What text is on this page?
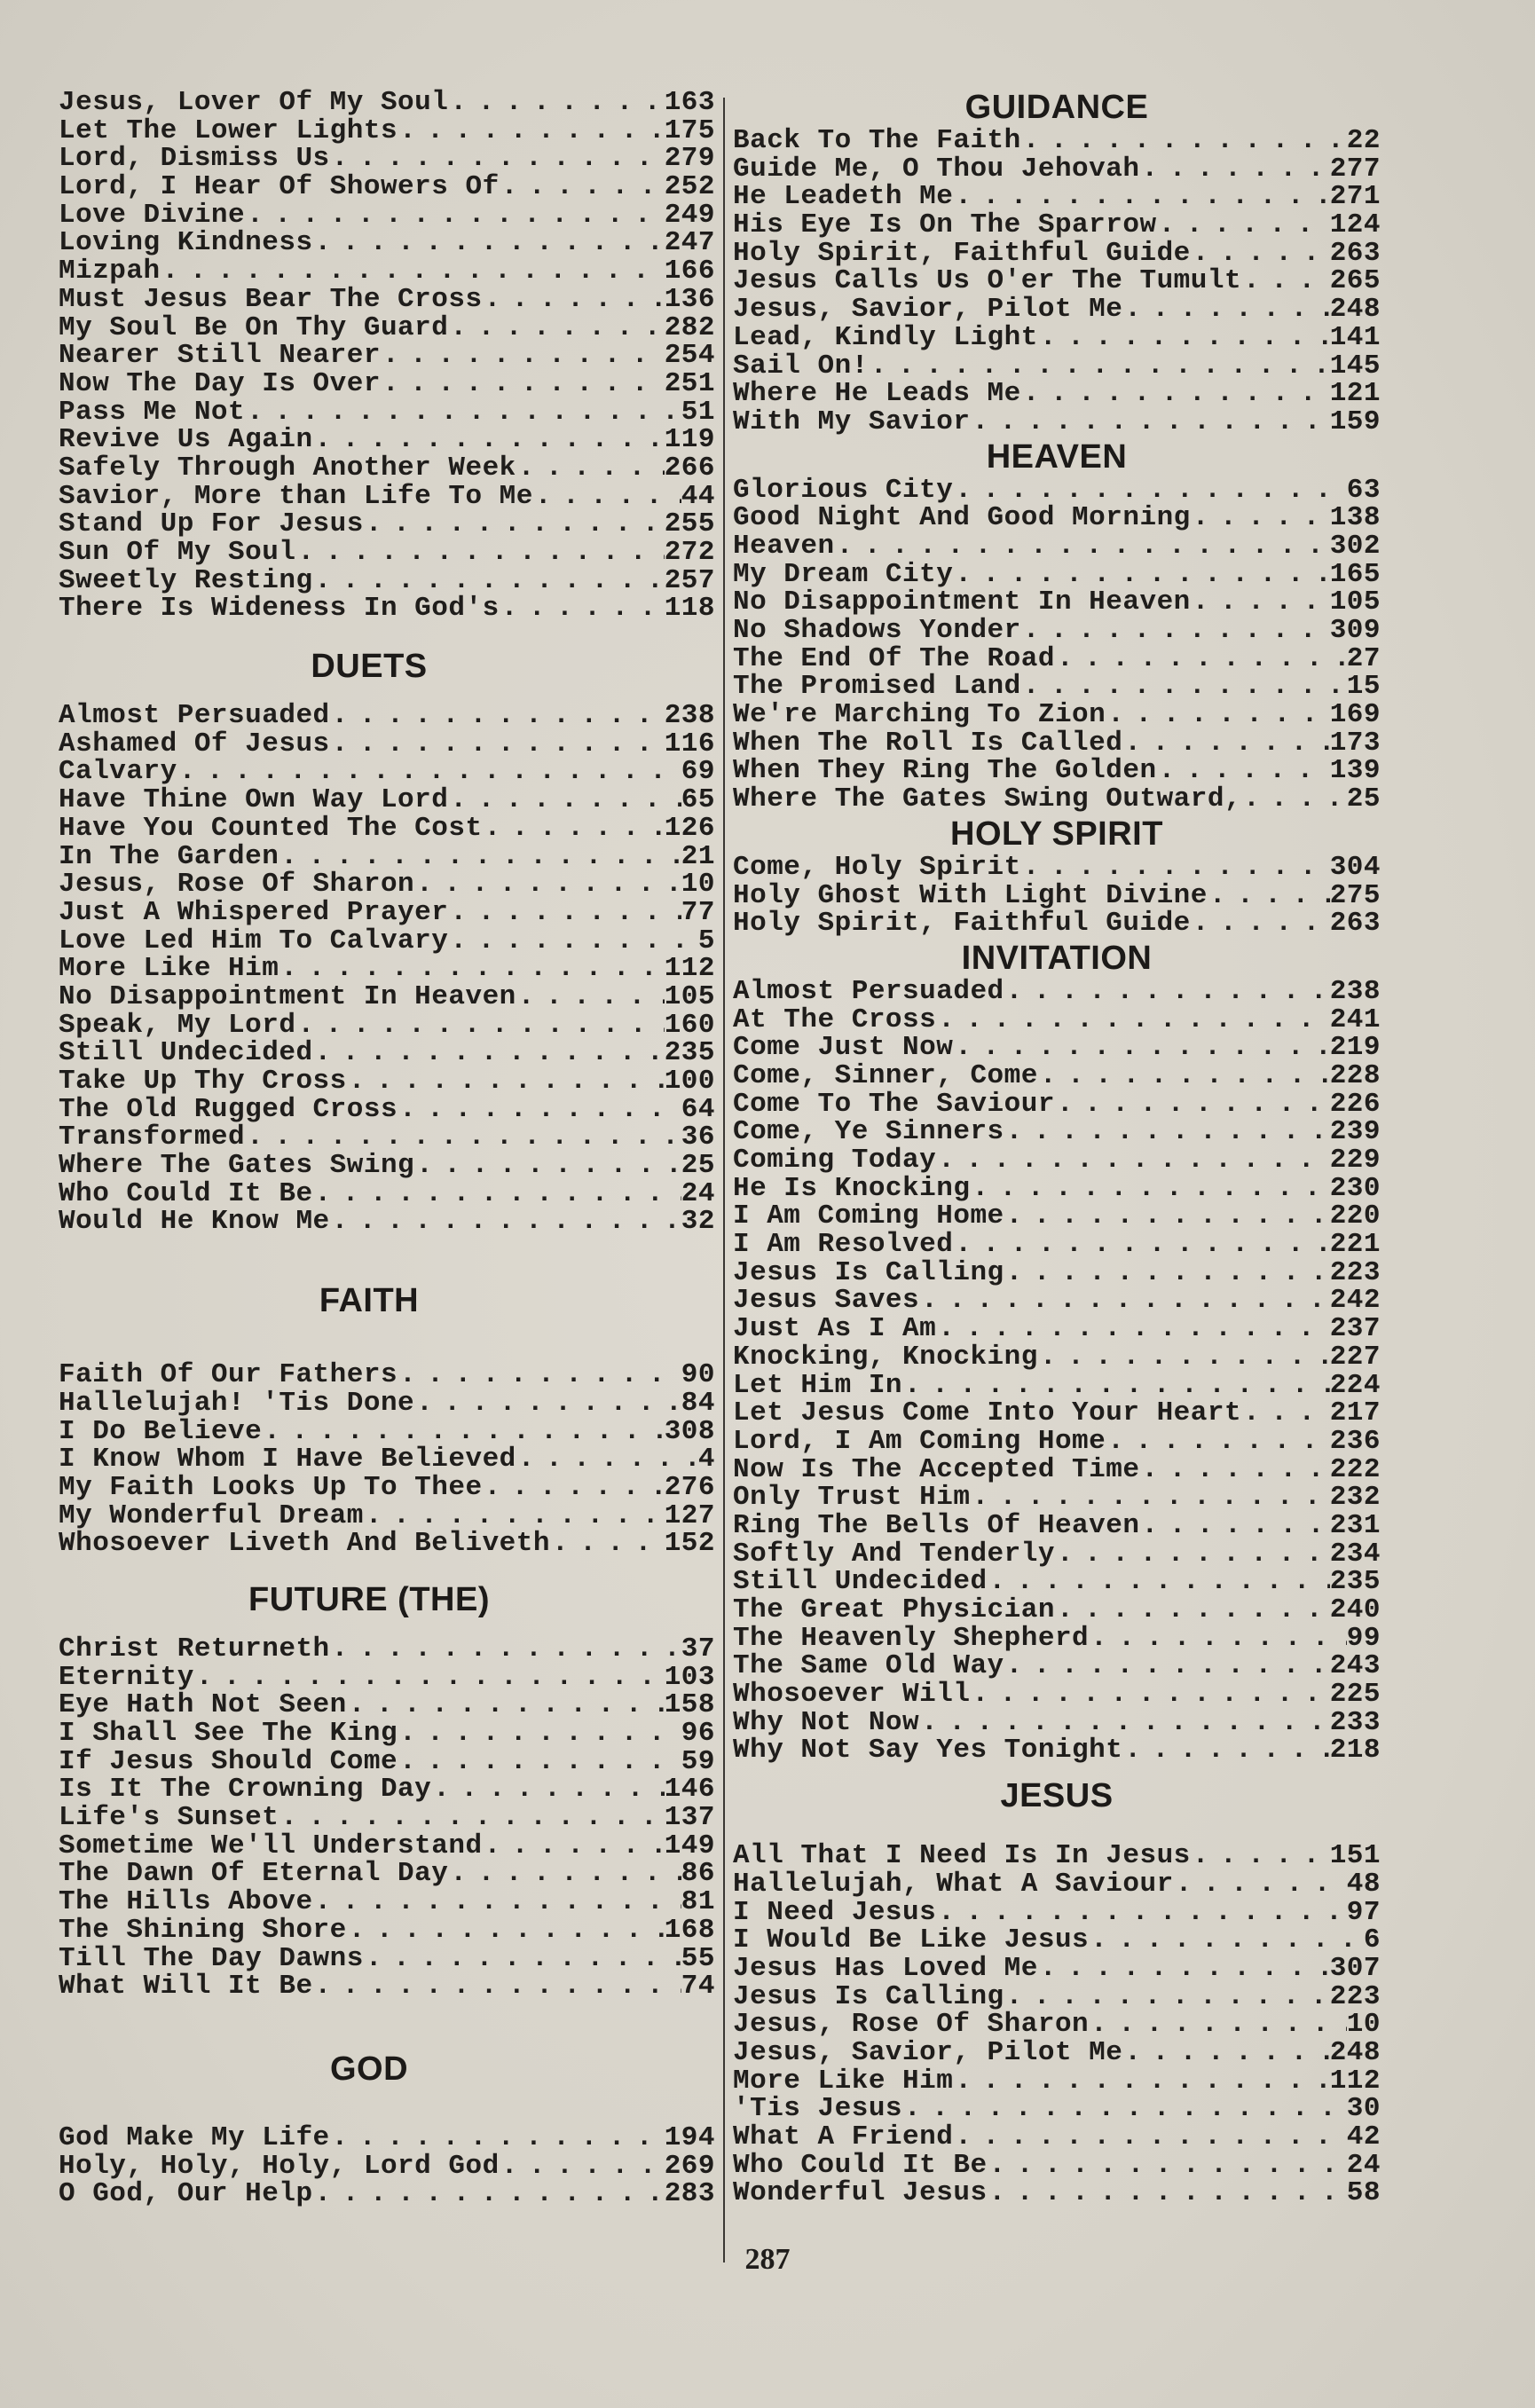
Jesus, Lover Of My Soul . . .	163
Let The Lower Lights . . .	175
Lord, Dismiss Us . . .	279
Lord, I Hear Of Showers Of . . .	252
Love Divine . . .	249
Loving Kindness . . .	247
Mizpah . . .	166
Must Jesus Bear The Cross . . .	136
My Soul Be On Thy Guard . . .	282
Nearer Still Nearer . . .	254
Now The Day Is Over . . .	251
Pass Me Not . . .	51
Revive Us Again . . .	119
Safely Through Another Week . . .	266
Savior, More than Life To Me . . .	44
Stand Up For Jesus . . .	255
Sun Of My Soul . . .	272
Sweetly Resting . . .	257
There Is Wideness In God's . . .	118
DUETS
Almost Persuaded . . .	238
Ashamed Of Jesus . . .	116
Calvary . . .	69
Have Thine Own Way Lord . . .	65
Have You Counted The Cost . . .	126
In The Garden . . .	21
Jesus, Rose Of Sharon . . .	10
Just A Whispered Prayer . . .	77
Love Led Him To Calvary . . .	5
More Like Him . . .	112
No Disappointment In Heaven . . .	105
Speak, My Lord . . .	160
Still Undecided . . .	235
Take Up Thy Cross . . .	100
The Old Rugged Cross . . .	64
Transformed . . .	36
Where The Gates Swing . . .	25
Who Could It Be . . .	24
Would He Know Me . . .	32
FAITH
Faith Of Our Fathers . . .	90
Hallelujah! 'Tis Done . . .	84
I Do Believe . . .	308
I Know Whom I Have Believed . . .	4
My Faith Looks Up To Thee . . .	276
My Wonderful Dream . . .	127
Whosoever Liveth And Beliveth . . .	152
FUTURE (THE)
Christ Returneth . . .	37
Eternity . . .	103
Eye Hath Not Seen . . .	158
I Shall See The King . . .	96
If Jesus Should Come . . .	59
Is It The Crowning Day . . .	146
Life's Sunset . . .	137
Sometime We'll Understand . . .	149
The Dawn Of Eternal Day . . .	86
The Hills Above . . .	81
The Shining Shore . . .	168
Till The Day Dawns . . .	55
What Will It Be . . .	74
GOD
God Make My Life . . .	194
Holy, Holy, Holy, Lord God . . .	269
O God, Our Help . . .	283
GUIDANCE
Back To The Faith . . .	22
Guide Me, O Thou Jehovah . . .	277
He Leadeth Me . . .	271
His Eye Is On The Sparrow . . .	124
Holy Spirit, Faithful Guide . . .	263
Jesus Calls Us O'er The Tumult . . .	265
Jesus, Savior, Pilot Me . . .	248
Lead, Kindly Light . . .	141
Sail On! . . .	145
Where He Leads Me . . .	121
With My Savior . . .	159
HEAVEN
Glorious City . . .	63
Good Night And Good Morning . . .	138
Heaven . . .	302
My Dream City . . .	165
No Disappointment In Heaven . . .	105
No Shadows Yonder . . .	309
The End Of The Road . . .	27
The Promised Land . . .	15
We're Marching To Zion . . .	169
When The Roll Is Called . . .	173
When They Ring The Golden . . .	139
Where The Gates Swing Outward, . . .	25
HOLY SPIRIT
Come, Holy Spirit . . .	304
Holy Ghost With Light Divine . . .	275
Holy Spirit, Faithful Guide . . .	263
INVITATION
Almost Persuaded . . .	238
At The Cross . . .	241
Come Just Now . . .	219
Come, Sinner, Come . . .	228
Come To The Saviour . . .	226
Come, Ye Sinners . . .	239
Coming Today . . .	229
He Is Knocking . . .	230
I Am Coming Home . . .	220
I Am Resolved . . .	221
Jesus Is Calling . . .	223
Jesus Saves . . .	242
Just As I Am . . .	237
Knocking, Knocking . . .	227
Let Him In . . .	224
Let Jesus Come Into Your Heart . . .	217
Lord, I Am Coming Home . . .	236
Now Is The Accepted Time . . .	222
Only Trust Him . . .	232
Ring The Bells Of Heaven . . .	231
Softly And Tenderly . . .	234
Still Undecided . . .	235
The Great Physician . . .	240
The Heavenly Shepherd . . .	99
The Same Old Way . . .	243
Whosoever Will . . .	225
Why Not Now . . .	233
Why Not Say Yes Tonight . . .	218
JESUS
All That I Need Is In Jesus . . .	151
Hallelujah, What A Saviour . . .	48
I Need Jesus . . .	97
I Would Be Like Jesus . . .	6
Jesus Has Loved Me . . .	307
Jesus Is Calling . . .	223
Jesus, Rose Of Sharon . . .	10
Jesus, Savior, Pilot Me . . .	248
More Like Him . . .	112
'Tis Jesus . . .	30
What A Friend . . .	42
Who Could It Be . . .	24
Wonderful Jesus . . .	58
287
